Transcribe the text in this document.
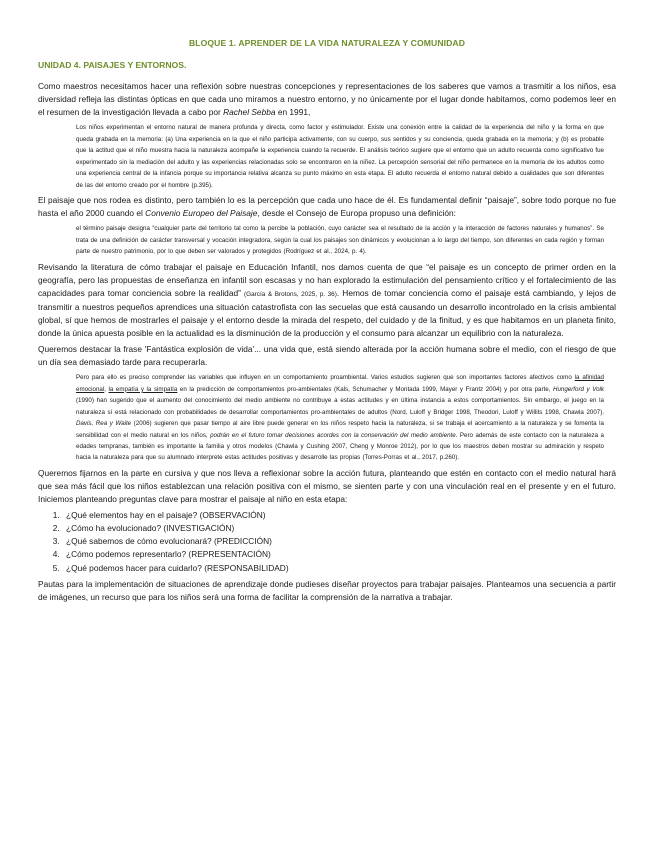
BLOQUE 1. APRENDER DE LA VIDA NATURALEZA Y COMUNIDAD
UNIDAD 4. PAISAJES Y ENTORNOS.

Como maestros necesitamos hacer una reflexión sobre nuestras concepciones y representaciones de los saberes que vamos a trasmitir a los niños, esa diversidad refleja las distintas ópticas en que cada uno miramos a nuestro entorno, y no únicamente por el lugar donde habitamos, como podemos leer en el resumen de la investigación llevada a cabo por Rachel Sebba en 1991,

Los niños experimentan el entorno natural de manera profunda y directa, como factor y estimulador. Existe una conexión entre la calidad de la experiencia del niño y la forma en que queda grabada en la memoria: (a) Una experiencia en la que el niño participa activamente, con su cuerpo, sus sentidos y su conciencia, queda grabada en la memoria; y (b) es probable que la actitud que el niño muestra hacia la naturaleza acompañe la experiencia cuando la recuerde. El análisis teórico sugiere que el entorno que un adulto recuerda como significativo fue experimentado sin la mediación del adulto y las experiencias relacionadas solo se encontraron en la niñez. La percepción sensorial del niño permanece en la memoria de los adultos como una experiencia central de la infancia porque su importancia relativa alcanza su punto máximo en esta etapa. El adulto recuerda el entorno natural debido a cualidades que son diferentes de las del entorno creado por el hombre (p.395).

El paisaje que nos rodea es distinto, pero también lo es la percepción que cada uno hace de él. Es fundamental definir “paisaje”, sobre todo porque no fue hasta el año 2000 cuando el Convenio Europeo del Paisaje, desde el Consejo de Europa propuso una definición:

el término paisaje designa “cualquier parte del territorio tal como la percibe la población, cuyo carácter sea el resultado de la acción y la interacción de factores naturales y humanos”. Se trata de una definición de carácter transversal y vocación integradora, según la cual los paisajes son dinámicos y evolucionan a lo largo del tiempo, son diferentes en cada región y forman parte de nuestro patrimonio, por lo que deben ser valorados y protegidos (Rodríguez et al., 2024, p. 4).

Revisando la literatura de cómo trabajar el paisaje en Educación Infantil, nos damos cuenta de que “el paisaje es un concepto de primer orden en la geografía, pero las propuestas de enseñanza en infantil son escasas y no han explorado la estimulación del pensamiento crítico y el fortalecimiento de las capacidades para tomar conciencia sobre la realidad” (García & Brotons, 2025, p. 36). Hemos de tomar conciencia como el paisaje está cambiando, y lejos de transmitir a nuestros pequeños aprendices una situación catastrofista con las secuelas que está causando un desarrollo incontrolado en la crisis ambiental global, sí que hemos de mostrarles el paisaje y el entorno desde la mirada del respeto, del cuidado y de la finitud, y es que habitamos en un planeta finito, donde la única apuesta posible en la actualidad es la disminución de la producción y el consumo para alcanzar un equilibrio con la naturaleza.

Queremos destacar la frase 'Fantástica explosión de vida'... una vida que, está siendo alterada por la acción humana sobre el medio, con el riesgo de que un día sea demasiado tarde para recuperarla.

Pero para ello es preciso comprender las variables que influyen en un comportamiento proambiental. Varios estudios sugieren que son importantes factores afectivos como la afinidad emocional, la empatía y la simpatía en la predicción de comportamientos pro-ambientales (Kals, Schumacher y Montada 1999, Mayer y Frantz 2004) y por otra parte, Hungerford y Volk (1990) han sugerido que el aumento del conocimiento del medio ambiente no contribuye a estas actitudes y en última instancia a estos comportamientos. Sin embargo, el juego en la naturaleza sí está relacionado con probabilidades de desarrollar comportamientos pro-ambientales de adultos (Nord, Luloff y Bridger 1998, Theodori, Luloff y Willits 1998, Chawla 2007). Davis, Rea y Waite (2006) sugieren que pasar tiempo al aire libre puede generar en los niños respeto hacia la naturaleza, si se trabaja el acercamiento a la naturaleza y se fomenta la sensibilidad con el medio natural en los niños, podrán en el futuro tomar decisiones acordes con la conservación del medio ambiente. Pero además de este contacto con la naturaleza a edades tempranas, también es importante la familia y otros modelos (Chawla y Cushing 2007, Cheng y Monroe 2012), por lo que los maestros deben mostrar su admiración y respeto hacia la naturaleza para que su alumnado interprete estas actitudes positivas y desarrolle las propias (Torres-Porras et al., 2017, p.260).

Queremos fijarnos en la parte en cursiva y que nos lleva a reflexionar sobre la acción futura, planteando que estén en contacto con el medio natural hará que sea más fácil que los niños establezcan una relación positiva con el mismo, se sienten parte y con una vinculación real en el presente y en el futuro. Iniciemos planteando preguntas clave para mostrar el paisaje al niño en esta etapa:

1. ¿Qué elementos hay en el paisaje? (OBSERVACIÓN)
2. ¿Cómo ha evolucionado? (INVESTIGACIÓN)
3. ¿Qué sabemos de cómo evolucionará? (PREDICCIÓN)
4. ¿Cómo podemos representarlo? (REPRESENTACIÓN)
5. ¿Qué podemos hacer para cuidarlo? (RESPONSABILIDAD)

Pautas para la implementación de situaciones de aprendizaje donde pudieses diseñar proyectos para trabajar paisajes. Planteamos una secuencia a partir de imágenes, un recurso que para los niños será una forma de facilitar la comprensión de la narrativa a trabajar.
